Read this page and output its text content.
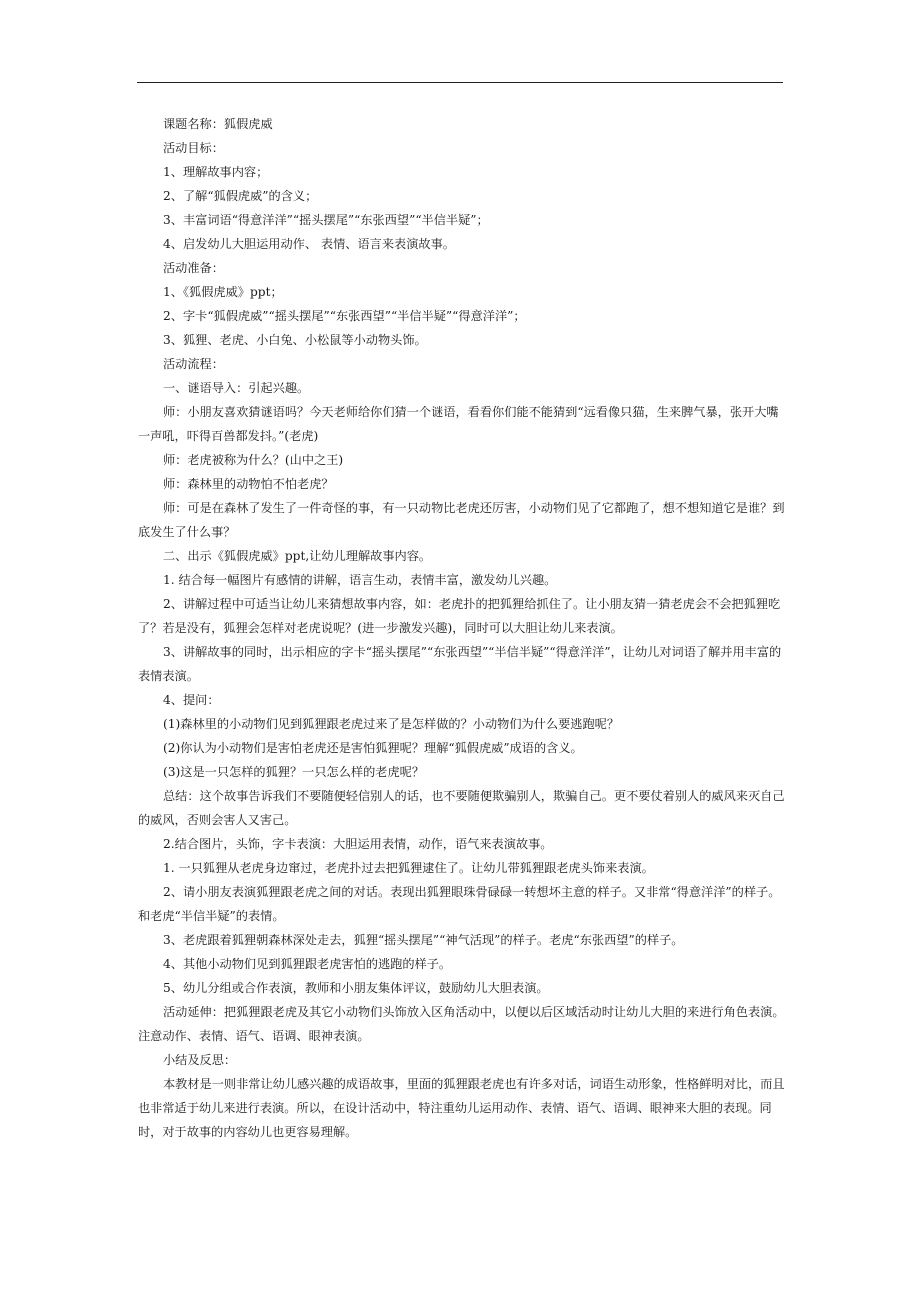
课题名称：狐假虎威

活动目标：

1、理解故事内容；

2、了解“狐假虎威”的含义；

3、丰富词语“得意洋洋”“摇头摆尾”“东张西望”“半信半疑”；

4、启发幼儿大胆运用动作、 表情、语言来表演故事。

活动准备：

1、《狐假虎威》ppt；

2、字卡“狐假虎威”“摇头摆尾”“东张西望”“半信半疑”“得意洋洋”；

3、狐狸、老虎、小白兔、小松鼠等小动物头饰。

活动流程：

一、谜语导入：引起兴趣。

师：小朋友喜欢猜谜语吗？今天老师给你们猜一个谜语，看看你们能不能猜到“远看像只猫，生来脾气暴，张开大嘴一声吼，吓得百兽都发抖。”(老虎)

师：老虎被称为什么？(山中之王)

师：森林里的动物怕不怕老虎？

师：可是在森林了发生了一件奇怪的事，有一只动物比老虎还厉害，小动物们见了它都跑了，想不想知道它是谁？到底发生了什么事？

二、出示《狐假虎威》ppt,让幼儿理解故事内容。

1. 结合每一幅图片有感情的讲解，语言生动，表情丰富，激发幼儿兴趣。

2、讲解过程中可适当让幼儿来猜想故事内容，如：老虎扑的把狐狸给抓住了。让小朋友猜一猜老虎会不会把狐狸吃了？若是没有，狐狸会怎样对老虎说呢？(进一步激发兴趣)，同时可以大胆让幼儿来表演。

3、讲解故事的同时，出示相应的字卡“摇头摆尾”“东张西望”“半信半疑”“得意洋洋”，让幼儿对词语了解并用丰富的表情表演。

4、提问：

(1)森林里的小动物们见到狐狸跟老虎过来了是怎样做的？小动物们为什么要逃跑呢？

(2)你认为小动物们是害怕老虎还是害怕狐狸呢？理解“狐假虎威”成语的含义。

(3)这是一只怎样的狐狸？一只怎么样的老虎呢？

总结：这个故事告诉我们不要随便轻信别人的话，也不要随便欺骗别人，欺骗自己。更不要仗着别人的威风来灭自己的威风，否则会害人又害己。

2.结合图片，头饰，字卡表演：大胆运用表情，动作，语气来表演故事。

1. 一只狐狸从老虎身边窜过，老虎扑过去把狐狸逮住了。让幼儿带狐狸跟老虎头饰来表演。

2、请小朋友表演狐狸跟老虎之间的对话。表现出狐狸眼珠骨碌碌一转想坏主意的样子。又非常“得意洋洋”的样子。和老虎“半信半疑”的表情。

3、老虎跟着狐狸朝森林深处走去，狐狸“摇头摆尾”“神气活现”的样子。老虎“东张西望”的样子。

4、其他小动物们见到狐狸跟老虎害怕的逃跑的样子。

5、幼儿分组或合作表演，教师和小朋友集体评议，鼓励幼儿大胆表演。

活动延伸：把狐狸跟老虎及其它小动物们头饰放入区角活动中，以便以后区域活动时让幼儿大胆的来进行角色表演。注意动作、表情、语气、语调、眼神表演。

小结及反思：

本教材是一则非常让幼儿感兴趣的成语故事，里面的狐狸跟老虎也有许多对话，词语生动形象，性格鲜明对比，而且也非常适于幼儿来进行表演。所以，在设计活动中，特注重幼儿运用动作、表情、语气、语调、眼神来大胆的表现。同时，对于故事的内容幼儿也更容易理解。
